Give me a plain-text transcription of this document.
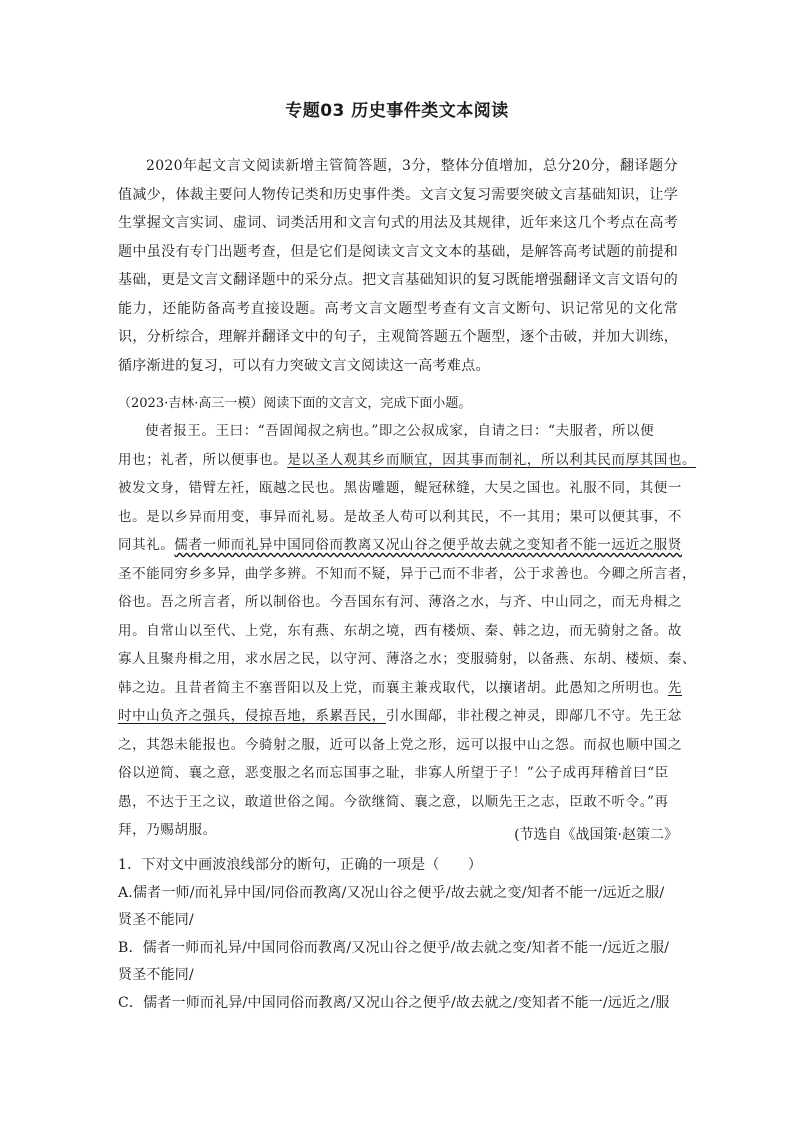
专题03 历史事件类文本阅读

2020年起文言文阅读新增主管简答题，3分，整体分值增加，总分20分，翻译题分值减少，体裁主要问人物传记类和历史事件类。文言文复习需要突破文言基础知识，让学生掌握文言实词、虚词、词类活用和文言句式的用法及其规律，近年来这几个考点在高考题中虽没有专门出题考查，但是它们是阅读文言文文本的基础，是解答高考试题的前提和基础，更是文言文翻译题中的采分点。把文言基础知识的复习既能增强翻译文言文语句的能力，还能防备高考直接设题。高考文言文题型考查有文言文断句、识记常见的文化常识，分析综合，理解并翻译文中的句子，主观简答题五个题型，逐个击破，并加大训练，循序渐进的复习，可以有力突破文言文阅读这一高考难点。

（2023·吉林·高三一模）阅读下面的文言文，完成下面小题。
使者报王。王曰：“吾固闻叔之病也。”即之公叔成家，自请之曰：“夫服者，所以便
用也；礼者，所以便事也。是以圣人观其乡而顺宜，因其事而制礼，所以利其民而厚其国也。
被发文身，错臂左衽，瓯越之民也。黑齿雕题，鳀冠秫缝，大吴之国也。礼服不同，其便一
也。是以乡异而用变，事异而礼易。是故圣人苟可以利其民，不一其用；果可以便其事，不
同其礼。儒者一师而礼异中国同俗而教离又况山谷之便乎故去就之变知者不能一远近之服贤
圣不能同穷乡多异，曲学多辨。不知而不疑，异于己而不非者，公于求善也。今卿之所言者，
俗也。吾之所言者，所以制俗也。今吾国东有河、薄洛之水，与齐、中山同之，而无舟楫之
用。自常山以至代、上党，东有燕、东胡之境，西有楼烦、秦、韩之边，而无骑射之备。故
寡人且聚舟楫之用，求水居之民，以守河、薄洛之水；变服骑射，以备燕、东胡、楼烦、秦、
韩之边。且昔者简主不塞晋阳以及上党，而襄主兼戎取代，以攘诸胡。此愚知之所明也。先
时中山负齐之强兵，侵掠吾地，系累吾民，引水围鄗，非社稷之神灵，即鄗几不守。先王忿
之，其怨未能报也。今骑射之服，近可以备上党之形，远可以报中山之怨。而叔也顺中国之
俗以逆简、襄之意，恶变服之名而忘国事之耻，非寡人所望于子！”公子成再拜稽首曰“臣
愚，不达于王之议，敢道世俗之闻。今欲继简、襄之意，以顺先王之志，臣敢不听令。”再
拜，乃赐胡服。	(节选自《战国策·赵策二》
1．下对文中画波浪线部分的断句，正确的一项是（　　）
A.儒者一师/而礼异中国/同俗而教离/又况山谷之便乎/故去就之变/知者不能一/远近之服/
贤圣不能同/
B．儒者一师而礼异/中国同俗而教离/又况山谷之便乎/故去就之变/知者不能一/远近之服/
贤圣不能同/
C．儒者一师而礼异/中国同俗而教离/又况山谷之便乎/故去就之/变知者不能一/远近之/服
